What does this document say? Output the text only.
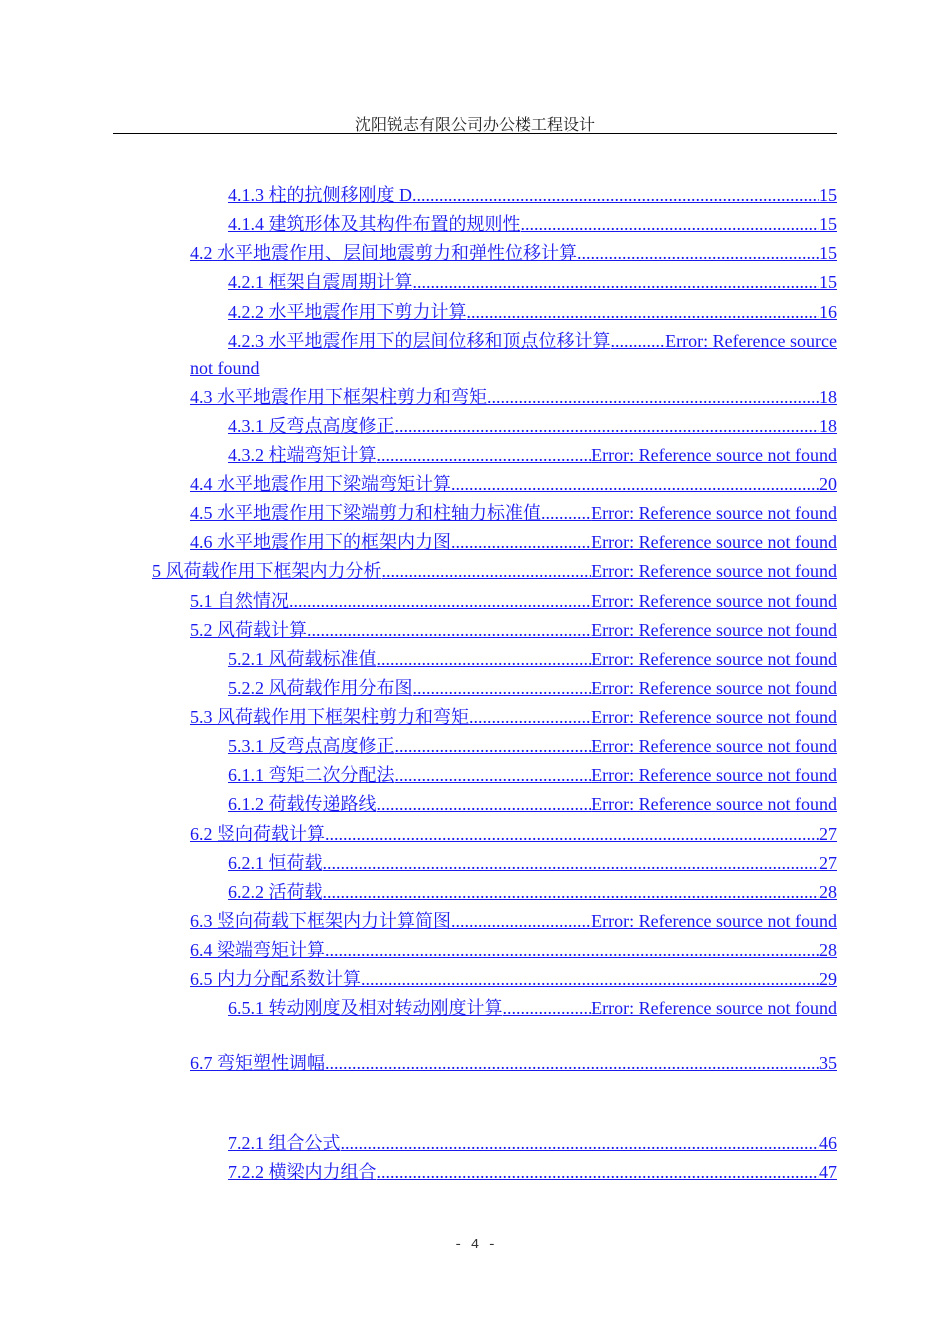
沈阳锐志有限公司办公楼工程设计
4.1.3 柱的抗侧移刚度 D .....	15
4.1.4 建筑形体及其构件布置的规则性 .....	15
4.2 水平地震作用、层间地震剪力和弹性位移计算 .....	15
4.2.1 框架自震周期计算 .....	15
4.2.2 水平地震作用下剪力计算 .....	16
4.2.3 水平地震作用下的层间位移和顶点位移计算 .....	Error: Reference source
not found
4.3 水平地震作用下框架柱剪力和弯矩 .....	18
4.3.1 反弯点高度修正 .....	18
4.3.2 柱端弯矩计算 .....	Error: Reference source not found
4.4 水平地震作用下梁端弯矩计算 .....	20
4.5 水平地震作用下梁端剪力和柱轴力标准值 .....	Error: Reference source not found
4.6 水平地震作用下的框架内力图 .....	Error: Reference source not found
5 风荷载作用下框架内力分析 .....	Error: Reference source not found
5.1 自然情况 .....	Error: Reference source not found
5.2 风荷载计算 .....	Error: Reference source not found
5.2.1 风荷载标准值 .....	Error: Reference source not found
5.2.2 风荷载作用分布图 .....	Error: Reference source not found
5.3 风荷载作用下框架柱剪力和弯矩 .....	Error: Reference source not found
5.3.1 反弯点高度修正 .....	Error: Reference source not found
6.1.1 弯矩二次分配法 .....	Error: Reference source not found
6.1.2 荷载传递路线 .....	Error: Reference source not found
6.2 竖向荷载计算 .....	27
6.2.1 恒荷载 .....	27
6.2.2 活荷载 .....	28
6.3 竖向荷载下框架内力计算简图 .....	Error: Reference source not found
6.4 梁端弯矩计算 .....	28
6.5 内力分配系数计算 .....	29
6.5.1 转动刚度及相对转动刚度计算 .....	Error: Reference source not found
6.7 弯矩塑性调幅 .....	35
7.2.1 组合公式 .....	46
7.2.2 横梁内力组合 .....	47
- 4 -
